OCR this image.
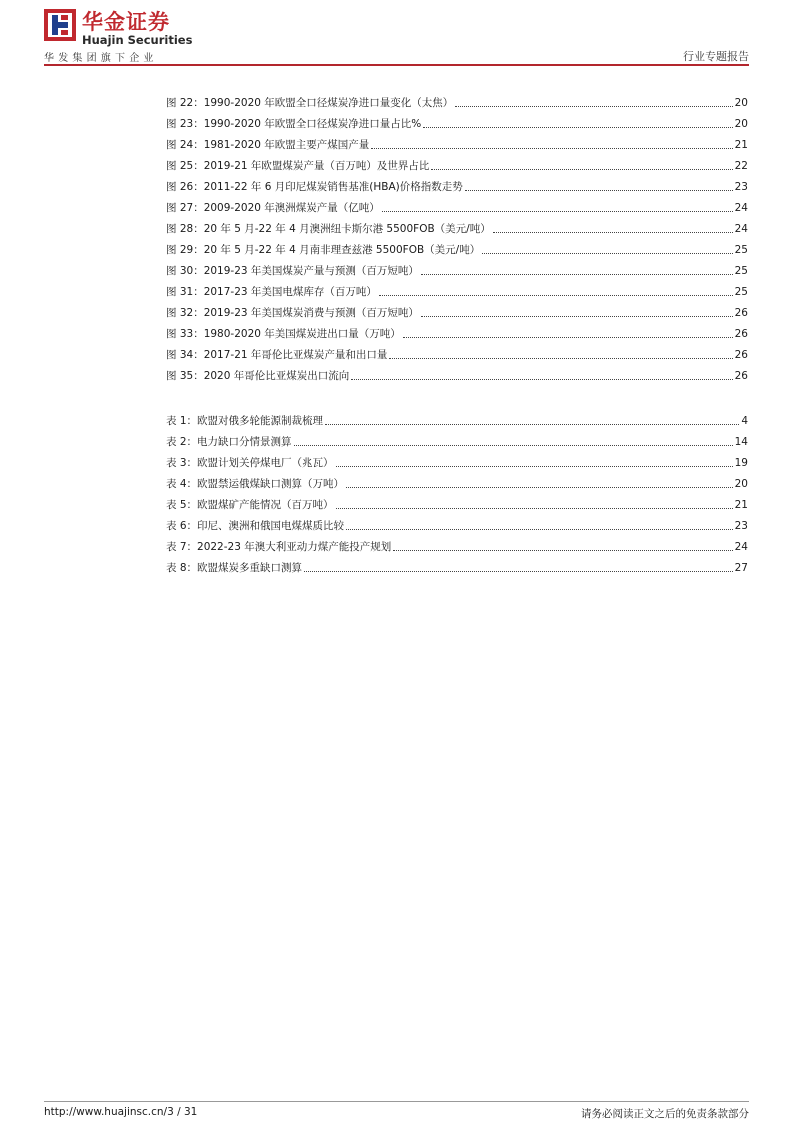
华金证券
Huajin Securities
华发集团旗下企业	行业专题报告
图 22：1990-2020 年欧盟全口径煤炭净进口量变化（太焦）	20
图 23：1990-2020 年欧盟全口径煤炭净进口量占比%	20
图 24：1981-2020 年欧盟主要产煤国产量	21
图 25：2019-21 年欧盟煤炭产量（百万吨）及世界占比	22
图 26：2011-22 年 6 月印尼煤炭销售基准(HBA)价格指数走势	23
图 27：2009-2020 年澳洲煤炭产量（亿吨）	24
图 28：20 年 5 月-22 年 4 月澳洲纽卡斯尔港 5500FOB（美元/吨）	24
图 29：20 年 5 月-22 年 4 月南非理查兹港 5500FOB（美元/吨）	25
图 30：2019-23 年美国煤炭产量与预测（百万短吨）	25
图 31：2017-23 年美国电煤库存（百万吨）	25
图 32：2019-23 年美国煤炭消费与预测（百万短吨）	26
图 33：1980-2020 年美国煤炭进出口量（万吨）	26
图 34：2017-21 年哥伦比亚煤炭产量和出口量	26
图 35：2020 年哥伦比亚煤炭出口流向	26
表 1：欧盟对俄多轮能源制裁梳理	4
表 2：电力缺口分情景测算	14
表 3：欧盟计划关停煤电厂（兆瓦）	19
表 4：欧盟禁运俄煤缺口测算（万吨）	20
表 5：欧盟煤矿产能情况（百万吨）	21
表 6：印尼、澳洲和俄国电煤煤质比较	23
表 7：2022-23 年澳大利亚动力煤产能投产规划	24
表 8：欧盟煤炭多重缺口测算	27
http://www.huajinsc.cn/3 / 31	请务必阅读正文之后的免责条款部分
